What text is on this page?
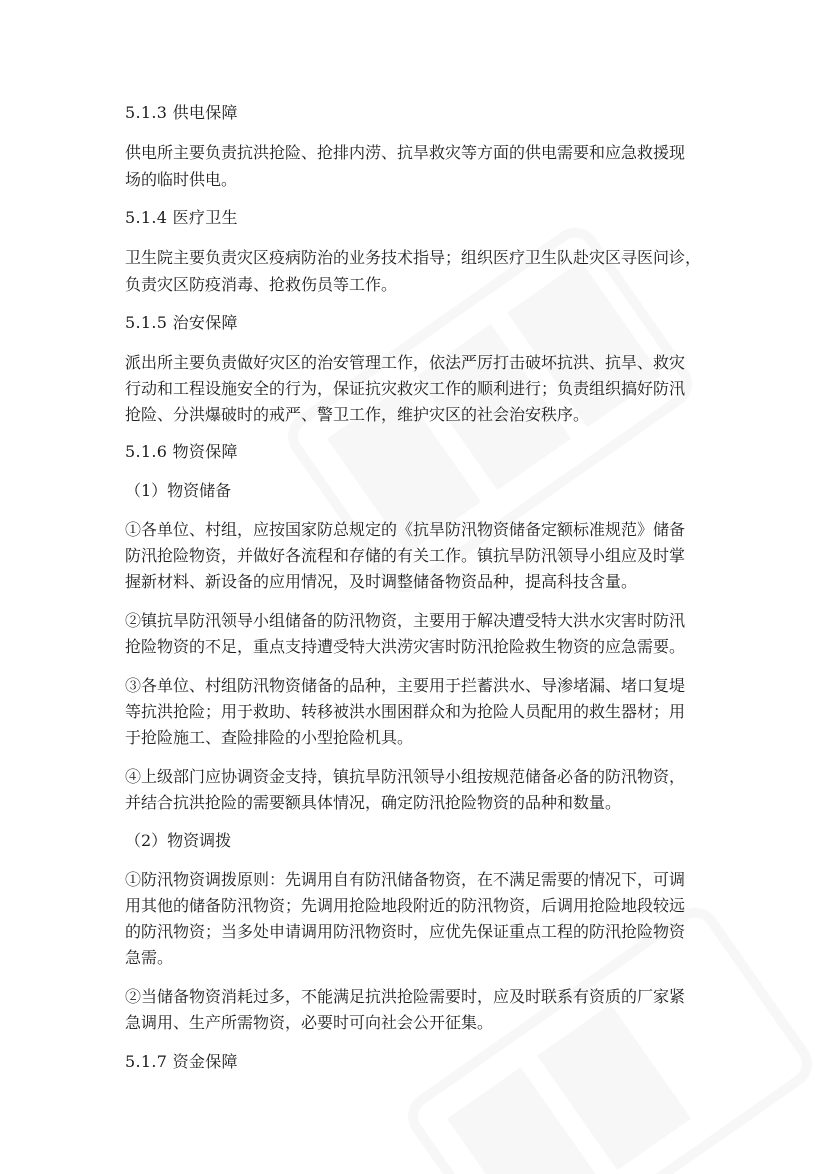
5.1.3 供电保障
供电所主要负责抗洪抢险、抢排内涝、抗旱救灾等方面的供电需要和应急救援现
场的临时供电。
5.1.4 医疗卫生
卫生院主要负责灾区疫病防治的业务技术指导；组织医疗卫生队赴灾区寻医问诊，
负责灾区防疫消毒、抢救伤员等工作。
5.1.5 治安保障
派出所主要负责做好灾区的治安管理工作，依法严厉打击破坏抗洪、抗旱、救灾
行动和工程设施安全的行为，保证抗灾救灾工作的顺利进行；负责组织搞好防汛
抢险、分洪爆破时的戒严、警卫工作，维护灾区的社会治安秩序。
5.1.6 物资保障
（1）物资储备
①各单位、村组，应按国家防总规定的《抗旱防汛物资储备定额标准规范》储备
防汛抢险物资，并做好各流程和存储的有关工作。镇抗旱防汛领导小组应及时掌
握新材料、新设备的应用情况，及时调整储备物资品种，提高科技含量。
②镇抗旱防汛领导小组储备的防汛物资，主要用于解决遭受特大洪水灾害时防汛
抢险物资的不足，重点支持遭受特大洪涝灾害时防汛抢险救生物资的应急需要。
③各单位、村组防汛物资储备的品种，主要用于拦蓄洪水、导渗堵漏、堵口复堤
等抗洪抢险；用于救助、转移被洪水围困群众和为抢险人员配用的救生器材；用
于抢险施工、查险排险的小型抢险机具。
④上级部门应协调资金支持，镇抗旱防汛领导小组按规范储备必备的防汛物资，
并结合抗洪抢险的需要额具体情况，确定防汛抢险物资的品种和数量。
（2）物资调拨
①防汛物资调拨原则：先调用自有防汛储备物资，在不满足需要的情况下，可调
用其他的储备防汛物资；先调用抢险地段附近的防汛物资，后调用抢险地段较远
的防汛物资；当多处申请调用防汛物资时，应优先保证重点工程的防汛抢险物资
急需。
②当储备物资消耗过多，不能满足抗洪抢险需要时，应及时联系有资质的厂家紧
急调用、生产所需物资，必要时可向社会公开征集。
5.1.7 资金保障
